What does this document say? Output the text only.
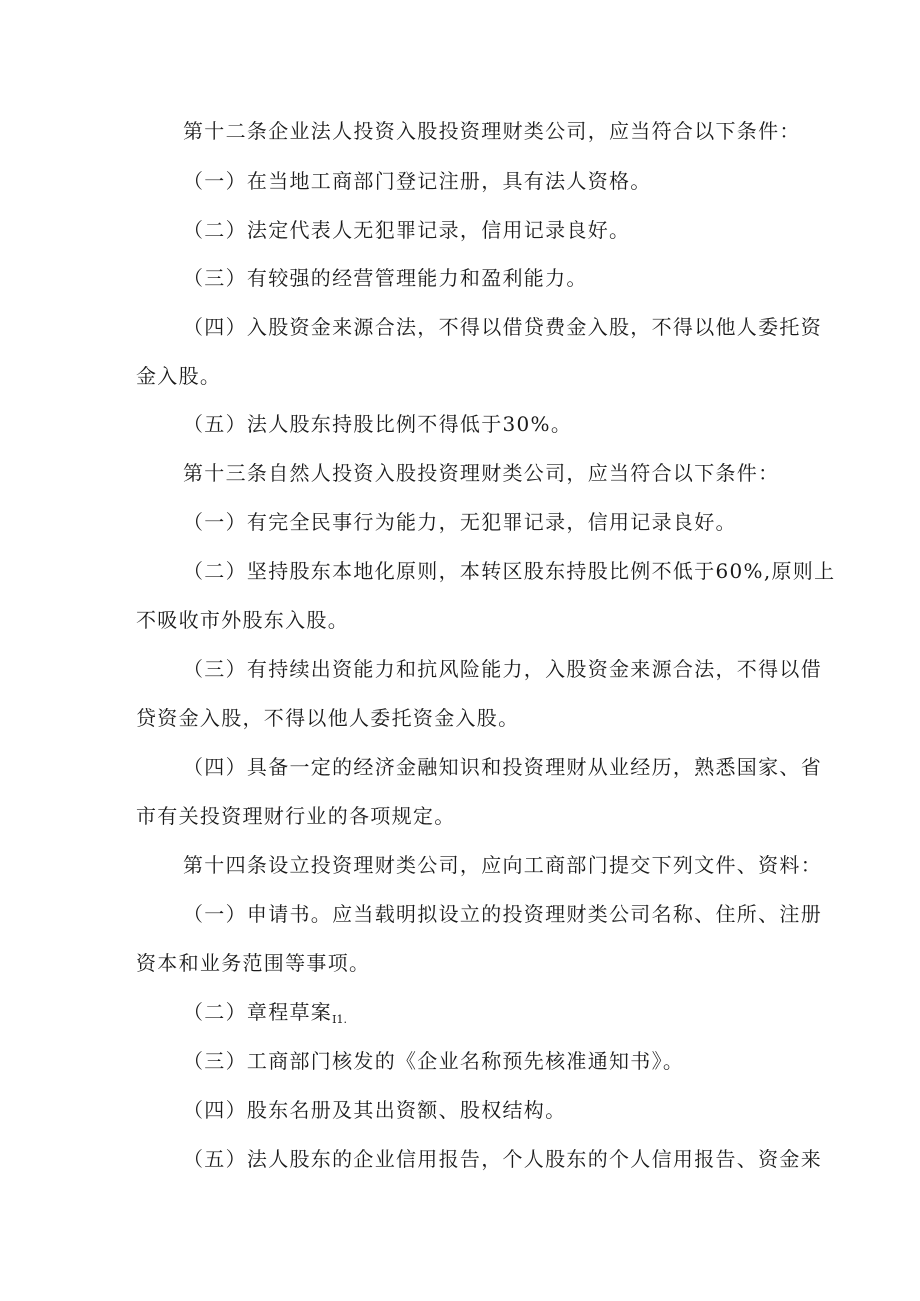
第十二条企业法人投资入股投资理财类公司，应当符合以下条件：
（一）在当地工商部门登记注册，具有法人资格。
（二）法定代表人无犯罪记录，信用记录良好。
（三）有较强的经营管理能力和盈利能力。
（四）入股资金来源合法，不得以借贷费金入股，不得以他人委托资
金入股。
（五）法人股东持股比例不得低于30%。
第十三条自然人投资入股投资理财类公司，应当符合以下条件：
（一）有完全民事行为能力，无犯罪记录，信用记录良好。
（二）坚持股东本地化原则，本转区股东持股比例不低于60%,原则上
不吸收市外股东入股。
（三）有持续出资能力和抗风险能力，入股资金来源合法，不得以借
贷资金入股，不得以他人委托资金入股。
（四）具备一定的经济金融知识和投资理财从业经历，熟悉国家、省
市有关投资理财行业的各项规定。
第十四条设立投资理财类公司，应向工商部门提交下列文件、资料：
（一）申请书。应当载明拟设立的投资理财类公司名称、住所、注册
资本和业务范围等事项。
（二）章程草案$_{I1.}$
（三）工商部门核发的《企业名称预先核准通知书》。
（四）股东名册及其出资额、股权结构。
（五）法人股东的企业信用报告，个人股东的个人信用报告、资金来
